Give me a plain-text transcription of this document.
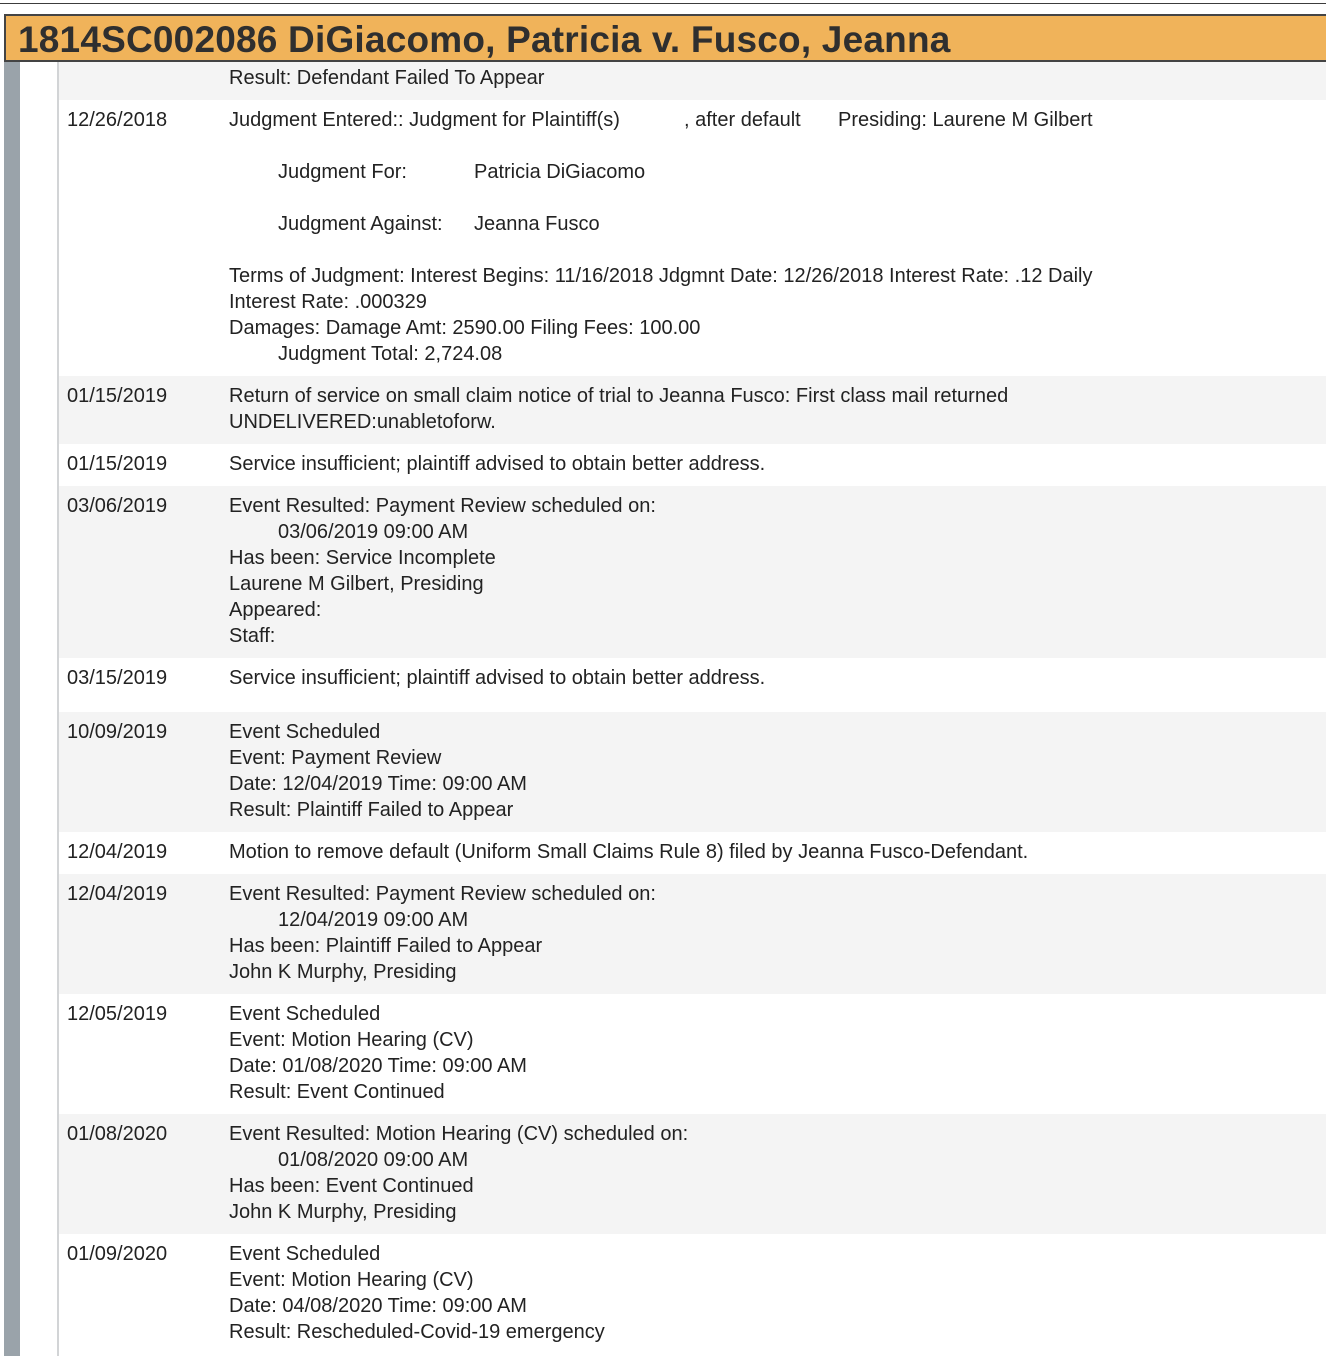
1814SC002086 DiGiacomo, Patricia v. Fusco, Jeanna
Result: Defendant Failed To Appear
12/26/2018	Judgment Entered:: Judgment for Plaintiff(s)	, after default Presiding: Laurene M Gilbert
Judgment For:	Patricia DiGiacomo
Judgment Against: Jeanna Fusco
Terms of Judgment: Interest Begins: 11/16/2018 Jdgmnt Date: 12/26/2018 Interest Rate: .12 Daily
Interest Rate: .000329
Damages: Damage Amt: 2590.00 Filing Fees: 100.00
Judgment Total: 2,724.08
01/15/2019	Return of service on small claim notice of trial to Jeanna Fusco: First class mail returned
UNDELIVERED:unabletoforw.
01/15/2019	Service insufficient; plaintiff advised to obtain better address.
03/06/2019	Event Resulted: Payment Review scheduled on:
03/06/2019 09:00 AM
Has been: Service Incomplete
Laurene M Gilbert, Presiding
Appeared:
Staff:
03/15/2019	Service insufficient; plaintiff advised to obtain better address.
10/09/2019	Event Scheduled
Event: Payment Review
Date: 12/04/2019 Time: 09:00 AM
Result: Plaintiff Failed to Appear
12/04/2019	Motion to remove default (Uniform Small Claims Rule 8) filed by Jeanna Fusco-Defendant.
12/04/2019	Event Resulted: Payment Review scheduled on:
12/04/2019 09:00 AM
Has been: Plaintiff Failed to Appear
John K Murphy, Presiding
12/05/2019	Event Scheduled
Event: Motion Hearing (CV)
Date: 01/08/2020 Time: 09:00 AM
Result: Event Continued
01/08/2020	Event Resulted: Motion Hearing (CV) scheduled on:
01/08/2020 09:00 AM
Has been: Event Continued
John K Murphy, Presiding
01/09/2020	Event Scheduled
Event: Motion Hearing (CV)
Date: 04/08/2020 Time: 09:00 AM
Result: Rescheduled-Covid-19 emergency
